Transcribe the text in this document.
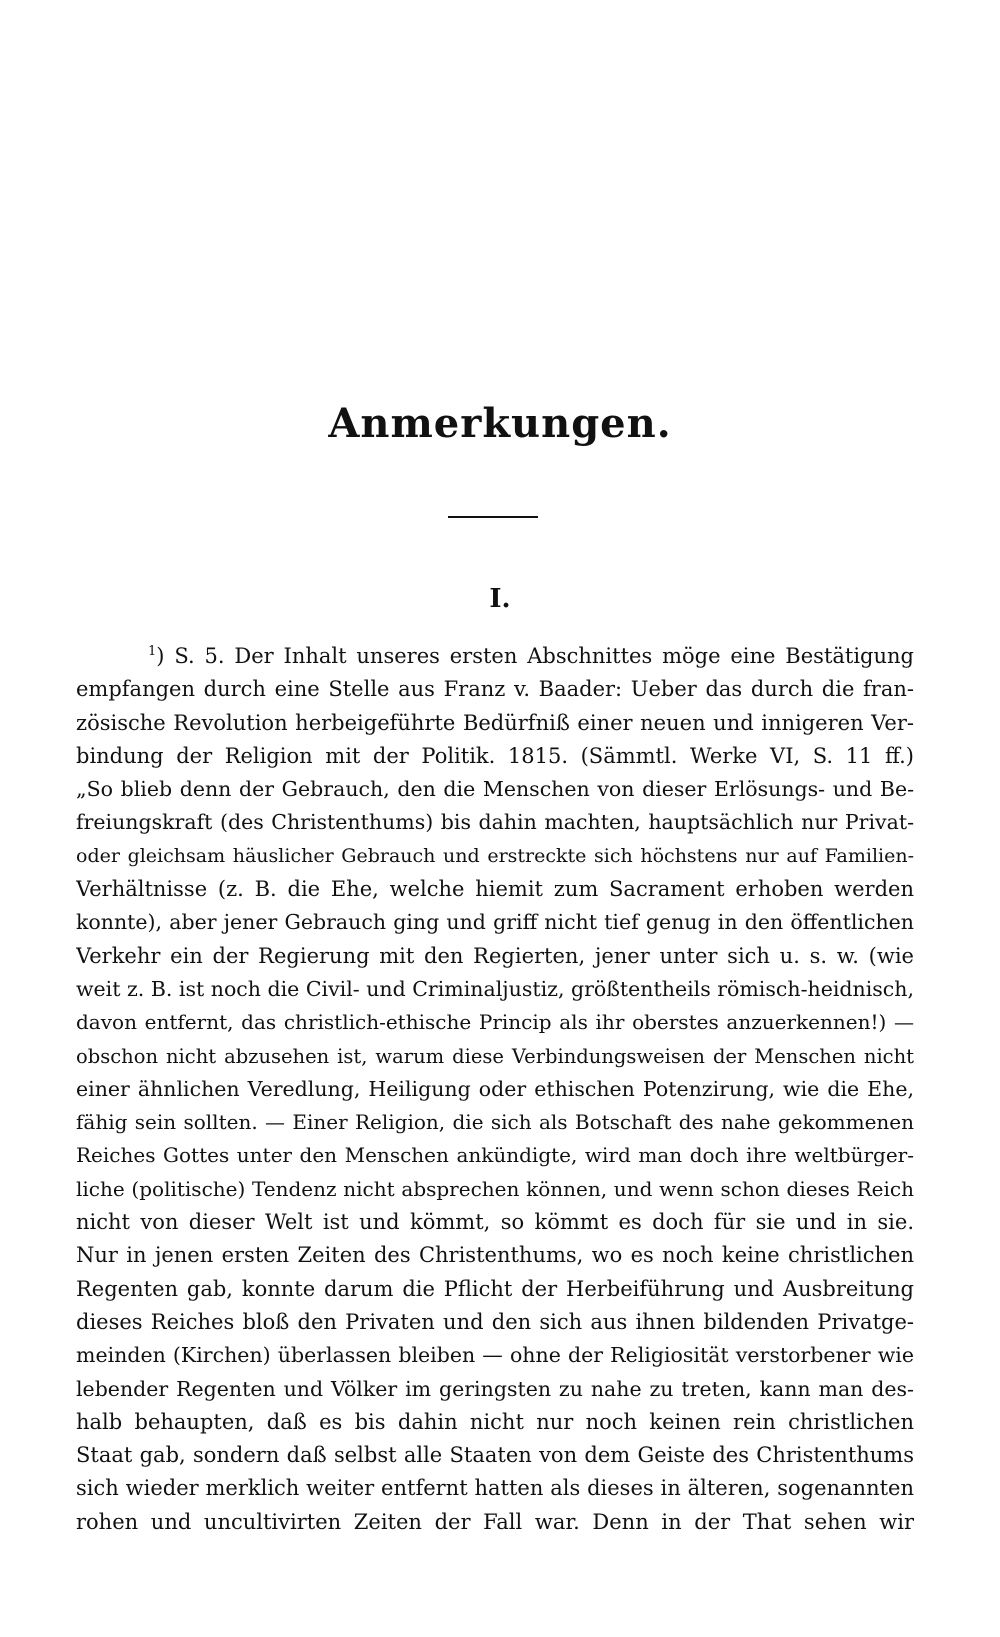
Anmerkungen.
I.
$^1$) S. 5. Der Inhalt unseres ersten Abschnittes möge eine Bestätigung
empfangen durch eine Stelle aus Franz v. Baader: Ueber das durch die fran-
zösische Revolution herbeigeführte Bedürfniß einer neuen und innigeren Ver-
bindung der Religion mit der Politik. 1815. (Sämmtl. Werke VI, S. 11 ff.)
„So blieb denn der Gebrauch, den die Menschen von dieser Erlösungs- und Be-
freiungskraft (des Christenthums) bis dahin machten, hauptsächlich nur Privat-
oder gleichsam häuslicher Gebrauch und erstreckte sich höchstens nur auf Familien-
Verhältnisse (z. B. die Ehe, welche hiemit zum Sacrament erhoben werden
konnte), aber jener Gebrauch ging und griff nicht tief genug in den öffentlichen
Verkehr ein der Regierung mit den Regierten, jener unter sich u. s. w. (wie
weit z. B. ist noch die Civil- und Criminaljustiz, größtentheils römisch-heidnisch,
davon entfernt, das christlich-ethische Princip als ihr oberstes anzuerkennen!) —
obschon nicht abzusehen ist, warum diese Verbindungsweisen der Menschen nicht
einer ähnlichen Veredlung, Heiligung oder ethischen Potenzirung, wie die Ehe,
fähig sein sollten. — Einer Religion, die sich als Botschaft des nahe gekommenen
Reiches Gottes unter den Menschen ankündigte, wird man doch ihre weltbürger-
liche (politische) Tendenz nicht absprechen können, und wenn schon dieses Reich
nicht von dieser Welt ist und kömmt, so kömmt es doch für sie und in sie.
Nur in jenen ersten Zeiten des Christenthums, wo es noch keine christlichen
Regenten gab, konnte darum die Pflicht der Herbeiführung und Ausbreitung
dieses Reiches bloß den Privaten und den sich aus ihnen bildenden Privatge-
meinden (Kirchen) überlassen bleiben — ohne der Religiosität verstorbener wie
lebender Regenten und Völker im geringsten zu nahe zu treten, kann man des-
halb behaupten, daß es bis dahin nicht nur noch keinen rein christlichen
Staat gab, sondern daß selbst alle Staaten von dem Geiste des Christenthums
sich wieder merklich weiter entfernt hatten als dieses in älteren, sogenannten
rohen und uncultivirten Zeiten der Fall war. Denn in der That sehen wir
